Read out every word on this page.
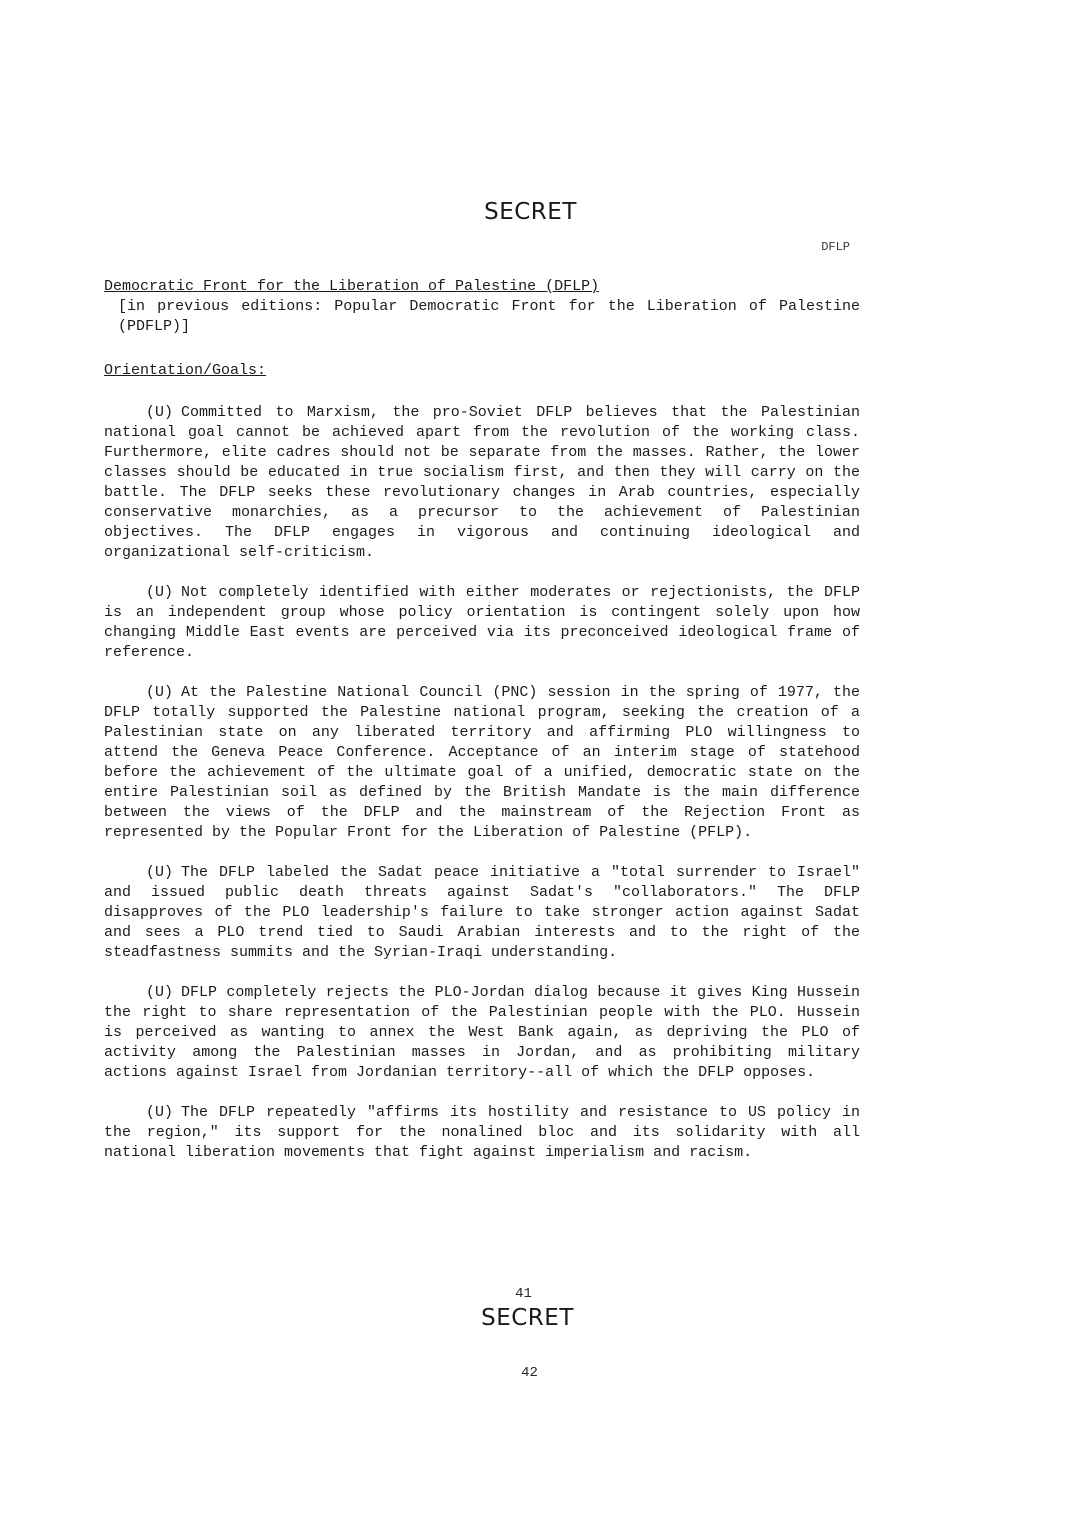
SECRET
DFLP

Democratic Front for the Liberation of Palestine (DFLP)

[in previous editions: Popular Democratic Front for the Liberation of Palestine (PDFLP)]

Orientation/Goals:

(U) Committed to Marxism, the pro-Soviet DFLP believes that the Palestinian national goal cannot be achieved apart from the revolution of the working class. Furthermore, elite cadres should not be separate from the masses. Rather, the lower classes should be educated in true socialism first, and then they will carry on the battle. The DFLP seeks these revolutionary changes in Arab countries, especially conservative monarchies, as a precursor to the achievement of Palestinian objectives. The DFLP engages in vigorous and continuing ideological and organizational self-criticism.

(U) Not completely identified with either moderates or rejectionists, the DFLP is an independent group whose policy orientation is contingent solely upon how changing Middle East events are perceived via its preconceived ideological frame of reference.

(U) At the Palestine National Council (PNC) session in the spring of 1977, the DFLP totally supported the Palestine national program, seeking the creation of a Palestinian state on any liberated territory and affirming PLO willingness to attend the Geneva Peace Conference. Acceptance of an interim stage of statehood before the achievement of the ultimate goal of a unified, democratic state on the entire Palestinian soil as defined by the British Mandate is the main difference between the views of the DFLP and the mainstream of the Rejection Front as represented by the Popular Front for the Liberation of Palestine (PFLP).

(U) The DFLP labeled the Sadat peace initiative a "total surrender to Israel" and issued public death threats against Sadat's "collaborators." The DFLP disapproves of the PLO leadership's failure to take stronger action against Sadat and sees a PLO trend tied to Saudi Arabian interests and to the right of the steadfastness summits and the Syrian-Iraqi understanding.

(U) DFLP completely rejects the PLO-Jordan dialog because it gives King Hussein the right to share representation of the Palestinian people with the PLO. Hussein is perceived as wanting to annex the West Bank again, as depriving the PLO of activity among the Palestinian masses in Jordan, and as prohibiting military actions against Israel from Jordanian territory--all of which the DFLP opposes.

(U) The DFLP repeatedly "affirms its hostility and resistance to US policy in the region," its support for the nonalined bloc and its solidarity with all national liberation movements that fight against imperialism and racism.

41
SECRET
42
